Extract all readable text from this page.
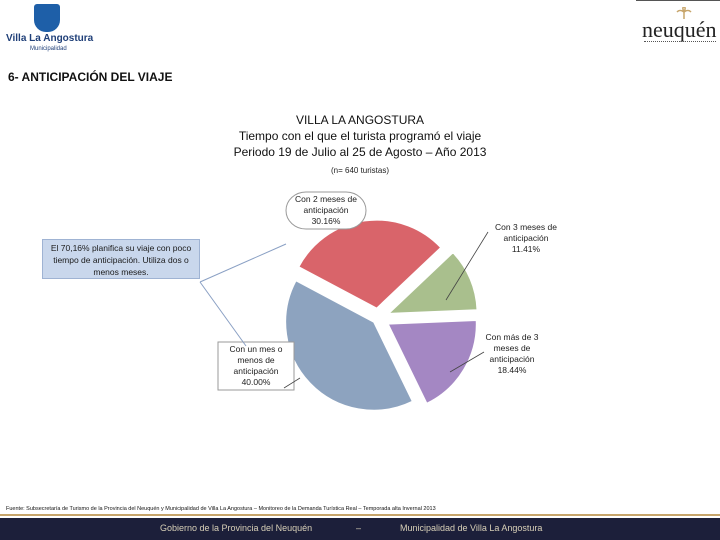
Villa La Angostura
Municipalidad
neuquén
6- ANTICIPACIÓN DEL VIAJE
VILLA LA ANGOSTURA
Tiempo con el que el turista programó el viaje
Periodo 19 de Julio al 25 de Agosto – Año 2013
(n= 640 turistas)
Con 2 meses de
anticipación
30.16%
Con 3 meses de
anticipación
11.41%
Con más de 3
meses de
anticipación
18.44%
Con un mes o
menos de
anticipación
40.00%
El 70,16% planifica su viaje con poco tiempo de anticipación. Utiliza dos o menos meses.
Fuente: Subsecretaría de Turismo de la Provincia del Neuquén y Municipalidad de Villa La Angostura – Monitoreo de la Demanda Turística Real – Temporada alta Invernal 2013
Gobierno de la Provincia del Neuquén	–	Municipalidad de Villa La Angostura
